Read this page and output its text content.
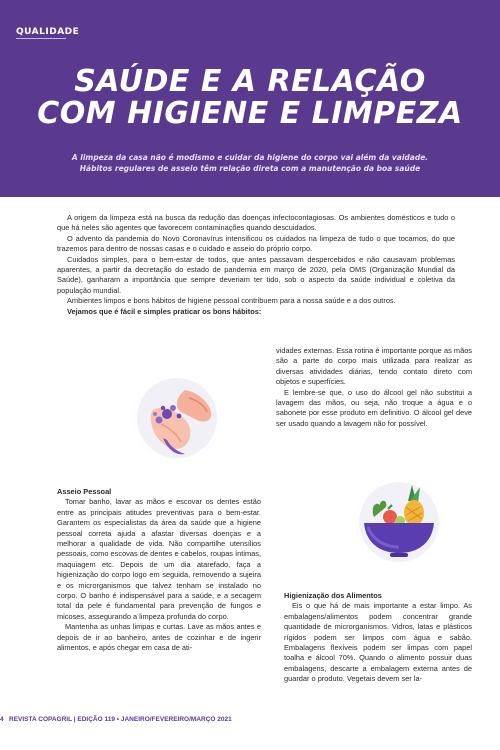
QUALIDADE
SAÚDE E A RELAÇÃO
COM HIGIENE E LIMPEZA
A limpeza da casa não é modismo e cuidar da higiene do corpo vai além da vaidade.
Hábitos regulares de asseio têm relação direta com a manutenção da boa saúde

A origem da limpeza está na busca da redução das doenças infectocontagiosas. Os ambientes domésticos e tudo o que há neles são agentes que favorecem contaminações quando descuidados.

O advento da pandemia do Novo Coronavírus intensificou os cuidados na limpeza de tudo o que tocamos, do que trazemos para dentro de nossas casas e o cuidado e asseio do próprio corpo.

Cuidados simples, para o bem-estar de todos, que antes passavam despercebidos e não causavam problemas aparentes, a partir da decretação do estado de pandemia em março de 2020, pela OMS (Organização Mundial da Saúde), ganharam a importância que sempre deveriam ter tido, sob o aspecto da saúde individual e coletiva da população mundial.

Ambientes limpos e bons hábitos de higiene pessoal contribuem para a nossa saúde e a dos outros.

Vejamos que é fácil e simples praticar os bons hábitos:

Asseio Pessoal

Tomar banho, lavar as mãos e escovar os dentes estão entre as principais atitudes preventivas para o bem-estar. Garantem os especialistas da área da saúde que a higiene pessoal correta ajuda a afastar diversas doenças e a melhorar a qualidade de vida. Não compartilhe utensílios pessoais, como escovas de dentes e cabelos, roupas íntimas, maquiagem etc. Depois de um dia atarefado, faça a higienização do corpo logo em seguida, removendo a sujeira e os microrganismos que talvez tenham se instalado no corpo. O banho é indispensável para a saúde, e a secagem total da pele é fundamental para prevenção de fungos e micoses, assegurando a limpeza profunda do corpo.

Mantenha as unhas limpas e curtas. Lave as mãos antes e depois de ir ao banheiro, antes de cozinhar e de ingerir alimentos, e após chegar em casa de ati-

vidades externas. Essa rotina é importante porque as mãos são a parte do corpo mais utilizada para realizar as diversas atividades diárias, tendo contato direto com objetos e superfícies.

E lembre-se que, o uso do álcool gel não substitui a lavagem das mãos, ou seja, não troque a água e o sabonete por esse produto em definitivo. O álcool gel deve ser usado quando a lavagem não for possível.

Higienização dos Alimentos

Eis o que há de mais importante a estar limpo. As embalagens/alimentos podem concentrar grande quantidade de microrganismos. Vidros, latas e plásticos rígidos podem ser limpos com água e sabão. Embalagens flexíveis podem ser limpas com papel toalha e álcool 70%. Quando o alimento possuir duas embalagens, descarte a embalagem externa antes de guardar o produto. Vegetais devem ser la-

4 REVISTA COPAGRIL | EDIÇÃO 119 • JANEIRO/FEVEREIRO/MARÇO 2021
